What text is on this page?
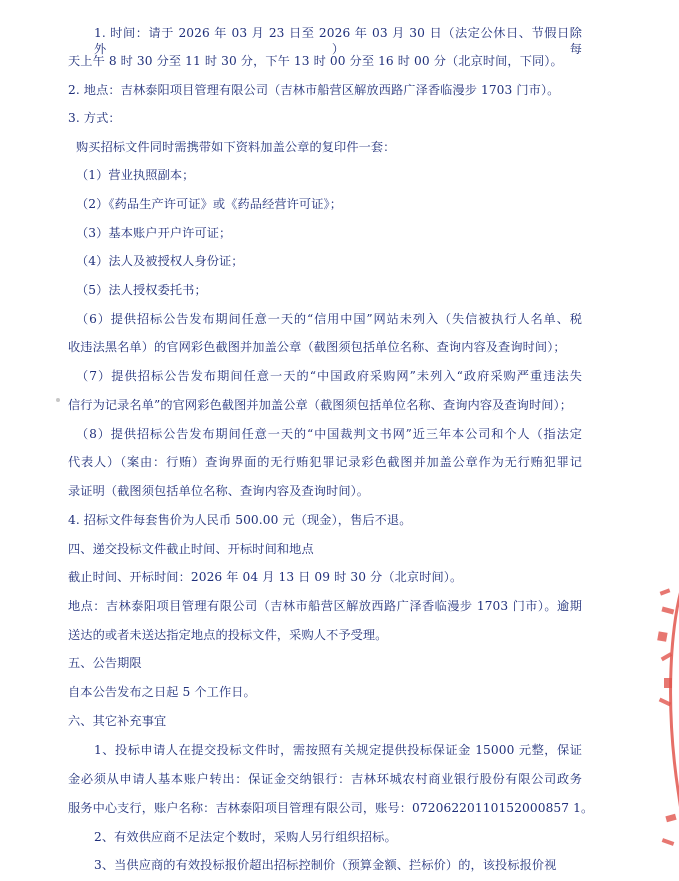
1. 时间：请于 2026 年 03 月 23 日至 2026 年 03 月 30 日（法定公休日、节假日除外）每
天上午 8 时 30 分至 11 时 30 分，下午 13 时 00 分至 16 时 00 分（北京时间，下同）。
2. 地点：吉林泰阳项目管理有限公司（吉林市船营区解放西路广泽香临漫步 1703 门市）。
3. 方式：
购买招标文件同时需携带如下资料加盖公章的复印件一套：
（1）营业执照副本；
（2）《药品生产许可证》或《药品经营许可证》；
（3）基本账户开户许可证；
（4）法人及被授权人身份证；
（5）法人授权委托书；
（6）提供招标公告发布期间任意一天的“信用中国”网站未列入（失信被执行人名单、税
收违法黑名单）的官网彩色截图并加盖公章（截图须包括单位名称、查询内容及查询时间）；
（7）提供招标公告发布期间任意一天的“中国政府采购网”未列入“政府采购严重违法失
信行为记录名单”的官网彩色截图并加盖公章（截图须包括单位名称、查询内容及查询时间）；
（8）提供招标公告发布期间任意一天的“中国裁判文书网”近三年本公司和个人（指法定
代表人）（案由：行贿）查询界面的无行贿犯罪记录彩色截图并加盖公章作为无行贿犯罪记
录证明（截图须包括单位名称、查询内容及查询时间）。
4. 招标文件每套售价为人民币 500.00 元（现金），售后不退。
四、递交投标文件截止时间、开标时间和地点
截止时间、开标时间：2026 年 04 月 13 日 09 时 30 分（北京时间）。
地点：吉林泰阳项目管理有限公司（吉林市船营区解放西路广泽香临漫步 1703 门市）。逾期
送达的或者未送达指定地点的投标文件，采购人不予受理。
五、公告期限
自本公告发布之日起 5 个工作日。
六、其它补充事宜
1、投标申请人在提交投标文件时，需按照有关规定提供投标保证金 15000 元整，保证
金必须从申请人基本账户转出：保证金交纳银行：吉林环城农村商业银行股份有限公司政务
服务中心支行，账户名称：吉林泰阳项目管理有限公司，账号：07206220110152000857 1。
2、有效供应商不足法定个数时，采购人另行组织招标。
3、当供应商的有效投标报价超出招标控制价（预算金额、拦标价）的，该投标报价视
